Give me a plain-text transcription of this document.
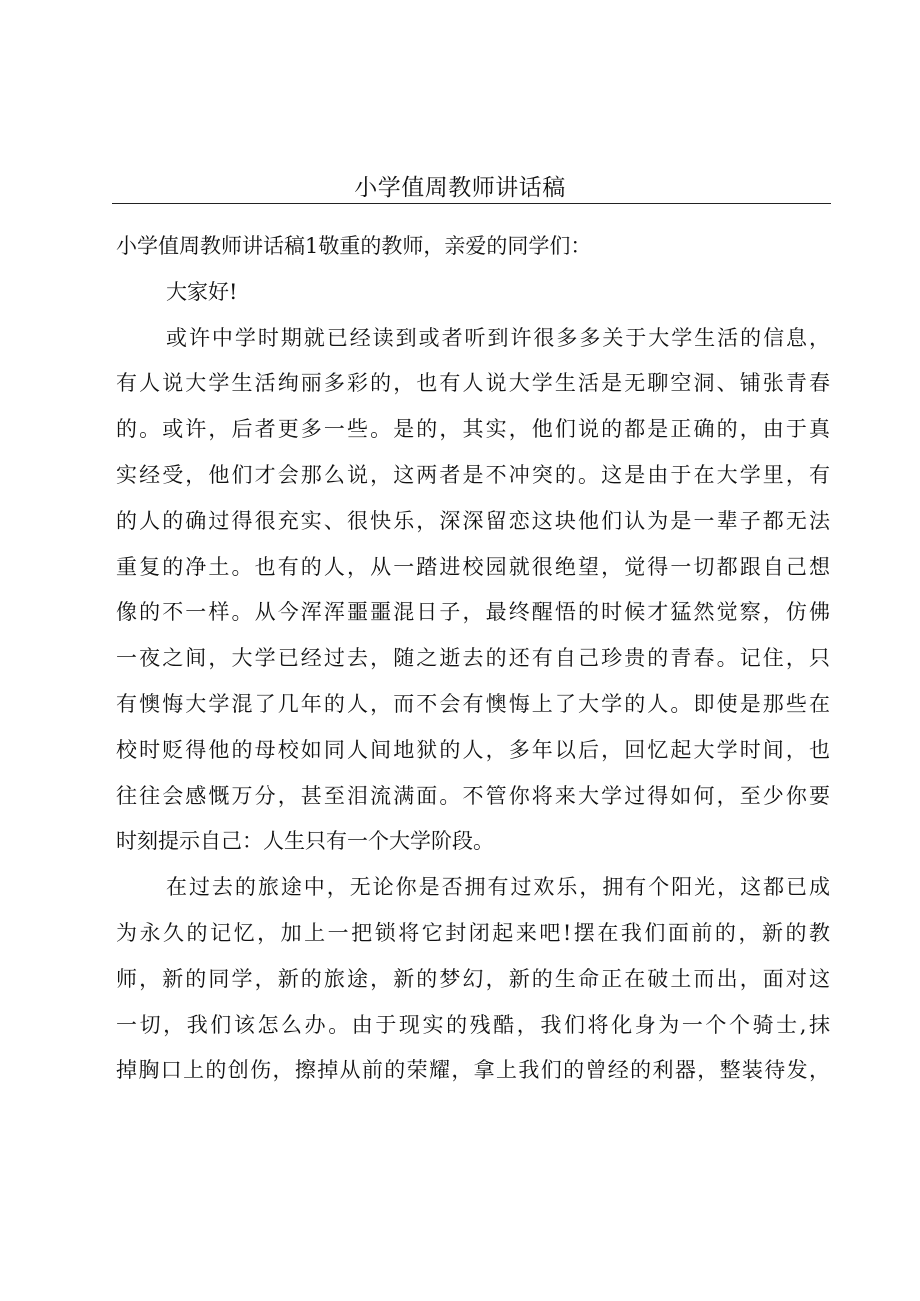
小学值周教师讲话稿
小学值周教师讲话稿1敬重的教师，亲爱的同学们：
大家好!
或许中学时期就已经读到或者听到许很多多关于大学生活的信息，
有人说大学生活绚丽多彩的，也有人说大学生活是无聊空洞、铺张青春
的。或许，后者更多一些。是的，其实，他们说的都是正确的，由于真
实经受，他们才会那么说，这两者是不冲突的。这是由于在大学里，有
的人的确过得很充实、很快乐，深深留恋这块他们认为是一辈子都无法
重复的净土。也有的人，从一踏进校园就很绝望，觉得一切都跟自己想
像的不一样。从今浑浑噩噩混日子，最终醒悟的时候才猛然觉察，仿佛
一夜之间，大学已经过去，随之逝去的还有自己珍贵的青春。记住，只
有懊悔大学混了几年的人，而不会有懊悔上了大学的人。即使是那些在
校时贬得他的母校如同人间地狱的人，多年以后，回忆起大学时间，也
往往会感慨万分，甚至泪流满面。不管你将来大学过得如何，至少你要
时刻提示自己：人生只有一个大学阶段。
在过去的旅途中，无论你是否拥有过欢乐，拥有个阳光，这都已成
为永久的记忆，加上一把锁将它封闭起来吧!摆在我们面前的，新的教
师，新的同学，新的旅途，新的梦幻，新的生命正在破土而出，面对这
一切，我们该怎么办。由于现实的残酷，我们将化身为一个个骑士,抹
掉胸口上的创伤，擦掉从前的荣耀，拿上我们的曾经的利器，整装待发，
